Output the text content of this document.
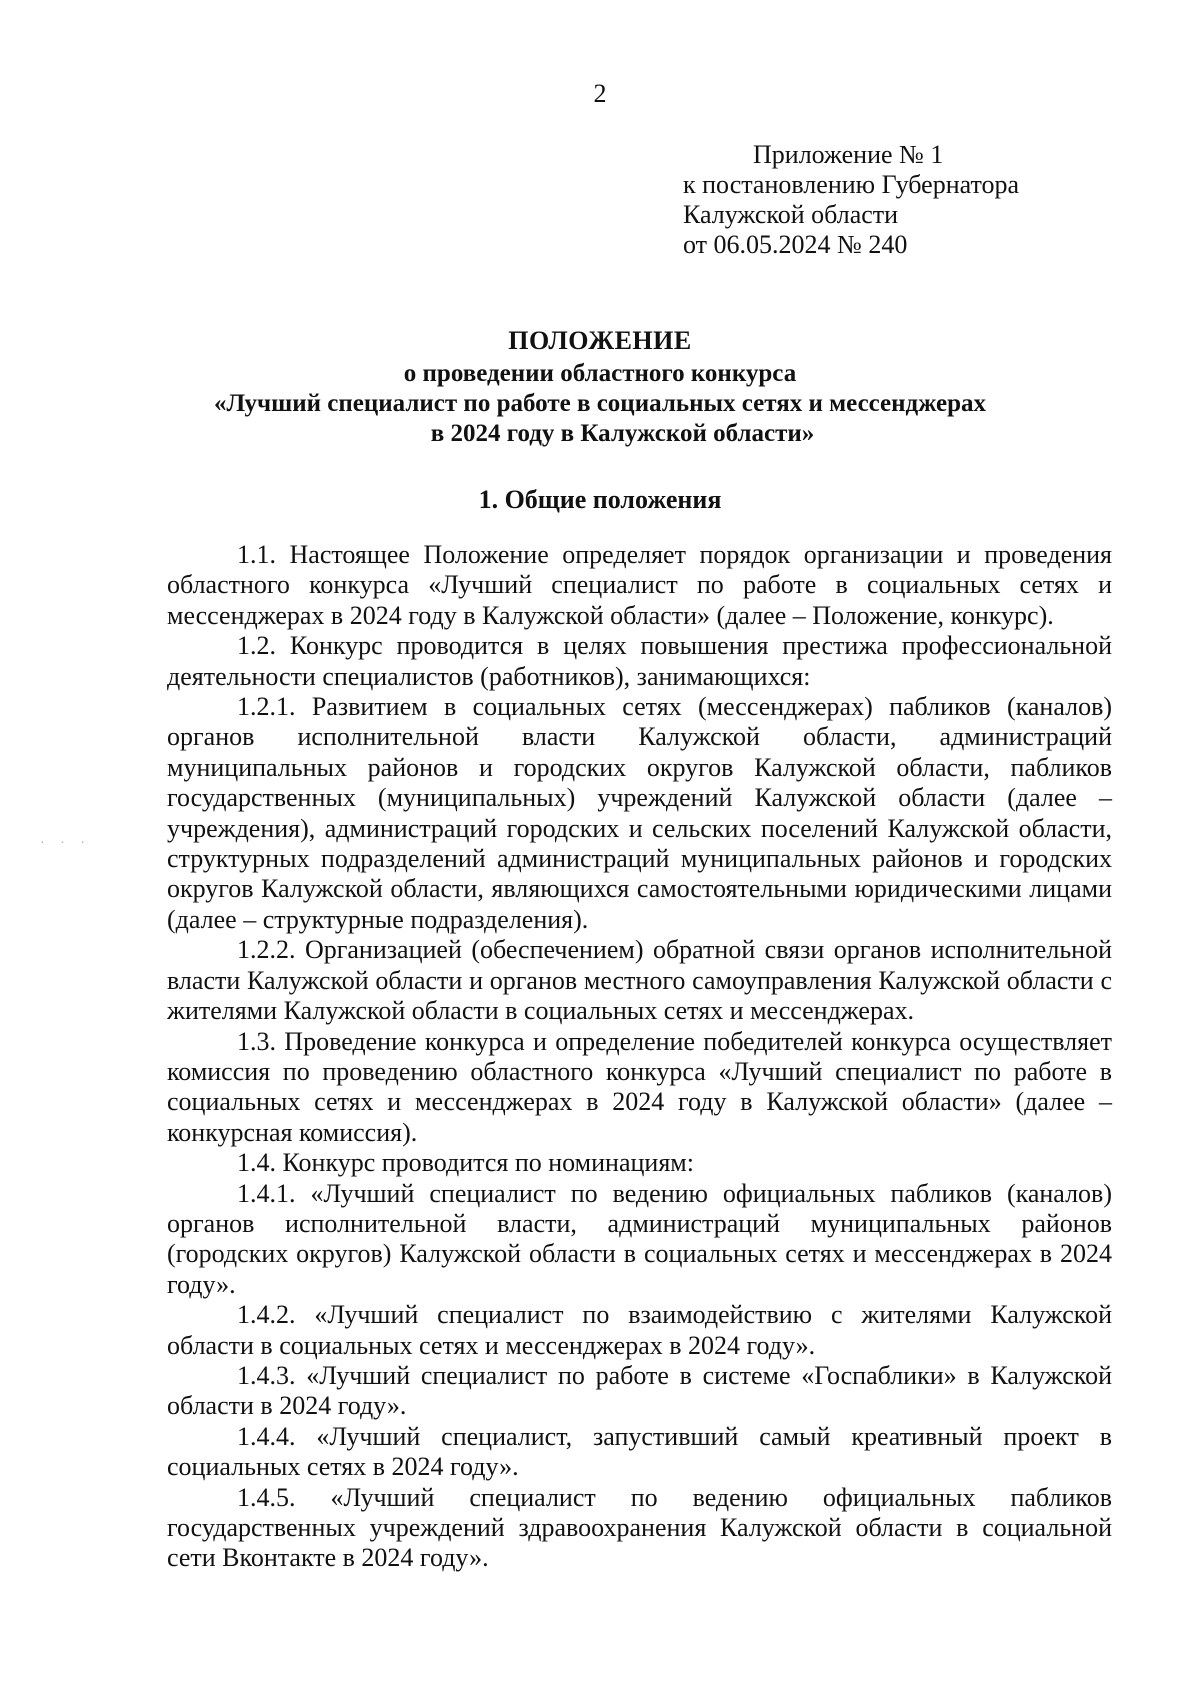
2
Приложение № 1
к постановлению Губернатора
Калужской области
от 06.05.2024 № 240
ПОЛОЖЕНИЕ
о проведении областного конкурса
«Лучший специалист по работе в социальных сетях и мессенджерах
в 2024 году в Калужской области»
1. Общие положения

1.1. Настоящее Положение определяет порядок организации и проведения областного конкурса «Лучший специалист по работе в социальных сетях и мессенджерах в 2024 году в Калужской области» (далее – Положение, конкурс).

1.2. Конкурс проводится в целях повышения престижа профессиональной деятельности специалистов (работников), занимающихся:

1.2.1. Развитием в социальных сетях (мессенджерах) пабликов (каналов) органов исполнительной власти Калужской области, администраций муниципальных районов и городских округов Калужской области, пабликов государственных (муниципальных) учреждений Калужской области (далее – учреждения), администраций городских и сельских поселений Калужской области, структурных подразделений администраций муниципальных районов и городских округов Калужской области, являющихся самостоятельными юридическими лицами (далее – структурные подразделения).

1.2.2. Организацией (обеспечением) обратной связи органов исполнительной власти Калужской области и органов местного самоуправления Калужской области с жителями Калужской области в социальных сетях и мессенджерах.

1.3. Проведение конкурса и определение победителей конкурса осуществляет комиссия по проведению областного конкурса «Лучший специалист по работе в социальных сетях и мессенджерах в 2024 году в Калужской области» (далее – конкурсная комиссия).

1.4. Конкурс проводится по номинациям:

1.4.1. «Лучший специалист по ведению официальных пабликов (каналов) органов исполнительной власти, администраций муниципальных районов (городских округов) Калужской области в социальных сетях и мессенджерах в 2024 году».

1.4.2. «Лучший специалист по взаимодействию с жителями Калужской области в социальных сетях и мессенджерах в 2024 году».

1.4.3. «Лучший специалист по работе в системе «Госпаблики» в Калужской области в 2024 году».

1.4.4. «Лучший специалист, запустивший самый креативный проект в социальных сетях в 2024 году».

1.4.5. «Лучший специалист по ведению официальных пабликов государственных учреждений здравоохранения Калужской области в социальной сети Вконтакте в 2024 году».

· · ·
